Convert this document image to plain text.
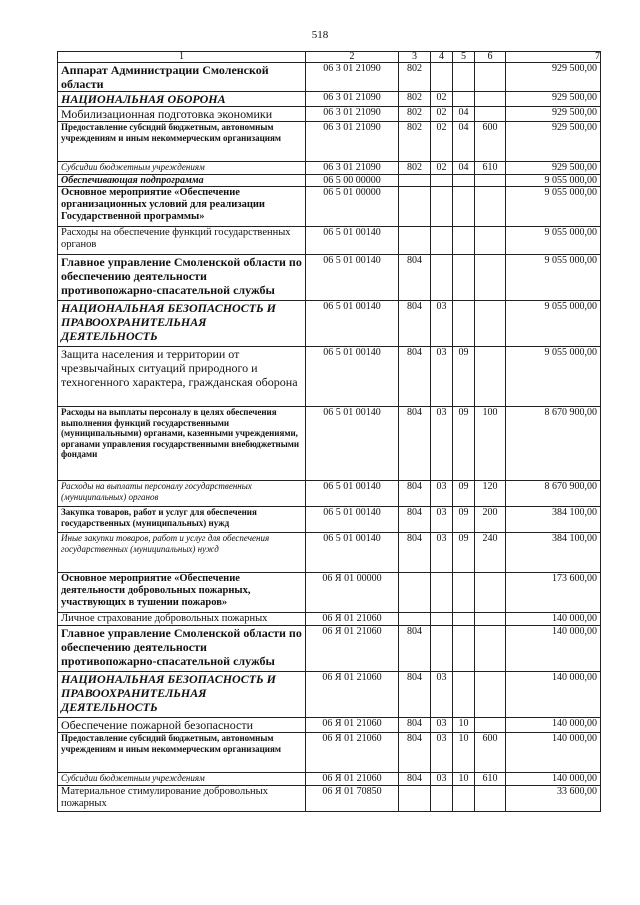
518
1	2	3	4	5	6	7
Аппарат Администрации Смоленской области	06 3 01 21090	802				929 500,00
НАЦИОНАЛЬНАЯ ОБОРОНА	06 3 01 21090	802	02			929 500,00
Мобилизационная подготовка экономики	06 3 01 21090	802	02	04		929 500,00
Предоставление субсидий бюджетным, автономным учреждениям и иным некоммерческим организациям	06 3 01 21090	802	02	04	600	929 500,00
Субсидии бюджетным учреждениям	06 3 01 21090	802	02	04	610	929 500,00
Обеспечивающая подпрограмма	06 5 00 00000					9 055 000,00
Основное мероприятие «Обеспечение организационных условий для реализации Государственной программы»	06 5 01 00000					9 055 000,00
Расходы на обеспечение функций государственных органов	06 5 01 00140					9 055 000,00
Главное управление Смоленской области по обеспечению деятельности противопожарно-спасательной службы	06 5 01 00140	804				9 055 000,00
НАЦИОНАЛЬНАЯ БЕЗОПАСНОСТЬ И ПРАВООХРАНИТЕЛЬНАЯ ДЕЯТЕЛЬНОСТЬ	06 5 01 00140	804	03			9 055 000,00
Защита населения и территории от чрезвычайных ситуаций природного и техногенного характера, гражданская оборона	06 5 01 00140	804	03	09		9 055 000,00
Расходы на выплаты персоналу в целях обеспечения выполнения функций государственными (муниципальными) органами, казенными учреждениями, органами управления государственными внебюджетными фондами	06 5 01 00140	804	03	09	100	8 670 900,00
Расходы на выплаты персоналу государственных (муниципальных) органов	06 5 01 00140	804	03	09	120	8 670 900,00
Закупка товаров, работ и услуг для обеспечения государственных (муниципальных) нужд	06 5 01 00140	804	03	09	200	384 100,00
Иные закупки товаров, работ и услуг для обеспечения государственных (муниципальных) нужд	06 5 01 00140	804	03	09	240	384 100,00
Основное мероприятие «Обеспечение деятельности добровольных пожарных, участвующих в тушении пожаров»	06 Я 01 00000					173 600,00
Личное страхование добровольных пожарных	06 Я 01 21060					140 000,00
Главное управление Смоленской области по обеспечению деятельности противопожарно-спасательной службы	06 Я 01 21060	804				140 000,00
НАЦИОНАЛЬНАЯ БЕЗОПАСНОСТЬ И ПРАВООХРАНИТЕЛЬНАЯ ДЕЯТЕЛЬНОСТЬ	06 Я 01 21060	804	03			140 000,00
Обеспечение пожарной безопасности	06 Я 01 21060	804	03	10		140 000,00
Предоставление субсидий бюджетным, автономным учреждениям и иным некоммерческим организациям	06 Я 01 21060	804	03	10	600	140 000,00
Субсидии бюджетным учреждениям	06 Я 01 21060	804	03	10	610	140 000,00
Материальное стимулирование добровольных пожарных	06 Я 01 70850					33 600,00
